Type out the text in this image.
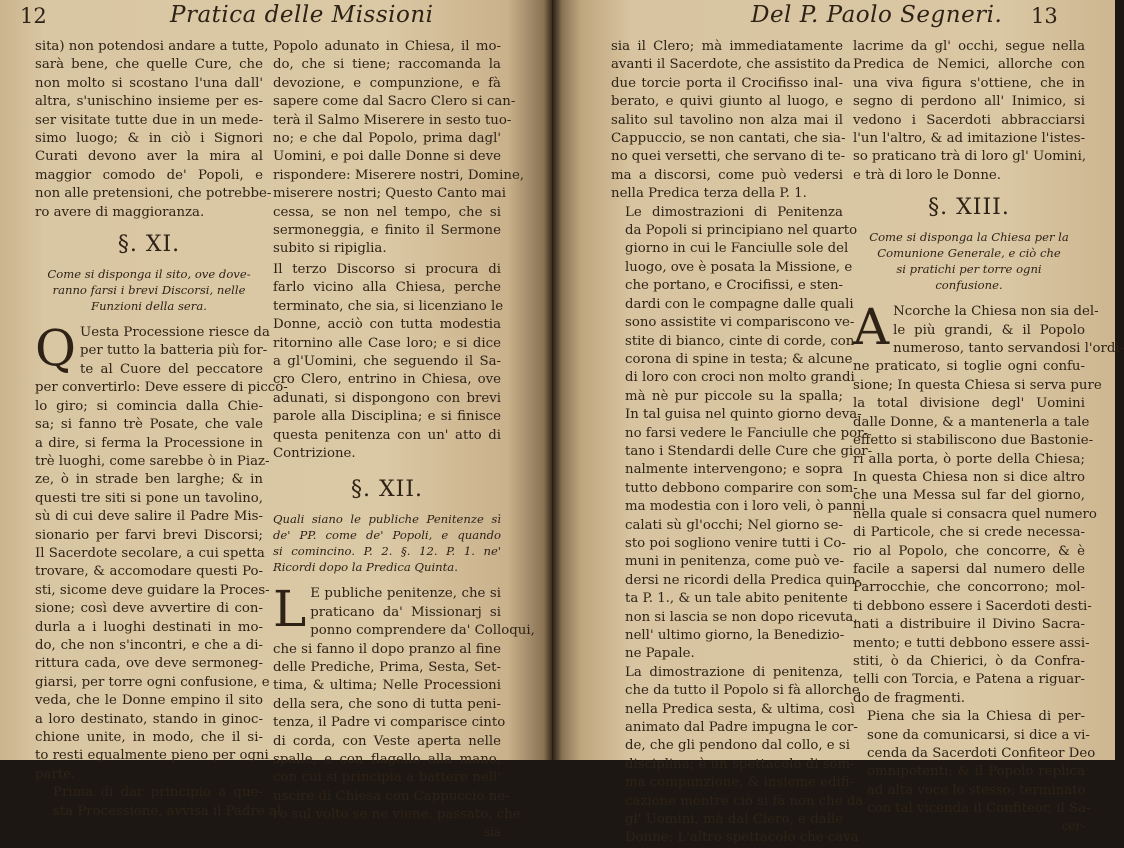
12	Pratica delle Missioni

sita) non potendosi andare a tutte,
sarà bene, che quelle Cure, che
non molto si scostano l'una dall'
altra, s'unischino insieme per es-
ser visitate tutte due in un mede-
simo luogo; & in ciò i Signori
Curati devono aver la mira al
maggior comodo de' Popoli, e
non alle pretensioni, che potrebbe-
ro avere di maggioranza.

§. XI.
Come si disponga il sito, ove dove-
ranno farsi i brevi Discorsi, nelle
Funzioni della sera.

Q Uesta Processione riesce da
per tutto la batteria più for-
te al Cuore del peccatore
per convertirlo: Deve essere di picco-
lo giro; si comincia dalla Chie-
sa; si fanno trè Posate, che vale
a dire, si ferma la Processione in
trè luoghi, come sarebbe ò in Piaz-
ze, ò in strade ben larghe; & in
questi tre siti si pone un tavolino,
sù di cui deve salire il Padre Mis-
sionario per farvi brevi Discorsi;
Il Sacerdote secolare, a cui spetta
trovare, & accomodare questi Po-
sti, sicome deve guidare la Proces-
sione; così deve avvertire di con-
durla a i luoghi destinati in mo-
do, che non s'incontri, e che a di-
rittura cada, ove deve sermoneg-
giarsi, per torre ogni confusione, e
veda, che le Donne empino il sito
a loro destinato, stando in ginoc-
chione unite, in modo, che il si-
to resti egualmente pieno per ogni
parte.

Prima di dar principio a que-
sta Processione, avvisa il Padre al

Popolo adunato in Chiesa, il mo-
do, che si tiene; raccomanda la
devozione, e compunzione, e fà
sapere come dal Sacro Clero si can-
terà il Salmo Miserere in sesto tuo-
no; e che dal Popolo, prima dagl'
Uomini, e poi dalle Donne si deve
rispondere: Miserere nostri, Domine,
miserere nostri; Questo Canto mai
cessa, se non nel tempo, che si
sermoneggia, e finito il Sermone
subito si ripiglia.

Il terzo Discorso si procura di
farlo vicino alla Chiesa, perche
terminato, che sia, si licenziano le
Donne, acciò con tutta modestia
ritornino alle Case loro; e si dice
a gl'Uomini, che seguendo il Sa-
cro Clero, entrino in Chiesa, ove
adunati, si dispongono con brevi
parole alla Disciplina; e si finisce
questa penitenza con un' atto di
Contrizione.

§. XII.
Quali siano le publiche Penitenze sì
de' PP. come de' Popoli, e quando
si comincino. P. 2. §. 12. P. 1. ne'
Ricordi dopo la Predica Quinta.

L E publiche penitenze, che si
praticano da' Missionarj si
ponno comprendere da' Colloqui,
che si fanno il dopo pranzo al fine
delle Prediche, Prima, Sesta, Set-
tima, & ultima; Nelle Processioni
della sera, che sono di tutta peni-
tenza, il Padre vi comparisce cinto
di corda, con Veste aperta nelle
spalle, e con flagello alla mano,
con cui si principia a battere nell'
uscire di Chiesa con Cappuccio ne-
ro sul volto se ne viene, passato, che

sia
Del P. Paolo Segneri. 13

sia il Clero; mà immediatamente
avanti il Sacerdote, che assistito da
due torcie porta il Crocifisso inal-
berato, e quivi giunto al luogo, e
salito sul tavolino non alza mai il
Cappuccio, se non cantati, che sia-
no quei versetti, che servano di te-
ma a discorsi, come può vedersi
nella Predica terza della P. 1.

Le dimostrazioni di Penitenza
da Popoli si principiano nel quarto
giorno in cui le Fanciulle sole del
luogo, ove è posata la Missione, e
che portano, e Crocifissi, e sten-
dardi con le compagne dalle quali
sono assistite vi compariscono ve-
stite di bianco, cinte di corde, con
corona di spine in testa; & alcune
di loro con croci non molto grandi
mà nè pur piccole su la spalla;
In tal guisa nel quinto giorno deva-
no farsi vedere le Fanciulle che por-
tano i Stendardi delle Cure che gior-
nalmente intervengono; e sopra
tutto debbono comparire con som-
ma modestia con i loro veli, ò panni
calati sù gl'occhi; Nel giorno se-
sto poi sogliono venire tutti i Co-
muni in penitenza, come può ve-
dersi ne ricordi della Predica quin-
ta P. 1., & un tale abito penitente
non si lascia se non dopo ricevuta,
nell' ultimo giorno, la Benedizio-
ne Papale.

La dimostrazione di penitenza,
che da tutto il Popolo si fà allorche
nella Predica sesta, & ultima, così
animato dal Padre impugna le cor-
de, che gli pendono dal collo, e si
disciplina; è un spettacolo di som-
ma compunzione, & insieme edifi-
cazione mentre ciò si fà non che da
gl' Uomini, mà dal Clero, e dalle
Donne; L'altro spettacolo che cava

lacrime da gl' occhi, segue nella
Predica de Nemici, allorche con
una viva figura s'ottiene, che in
segno di perdono all' Inimico, si
vedono i Sacerdoti abbracciarsi
l'un l'altro, & ad imitazione l'istes-
so praticano trà di loro gl' Uomini,
e trà di loro le Donne.

§. XIII.
Come si disponga la Chiesa per la
Comunione Generale, e ciò che
si pratichi per torre ogni
confusione.

A Ncorche la Chiesa non sia del-
le più grandi, & il Popolo
numeroso, tanto servandosi l'ordi-
ne praticato, si toglie ogni confu-
sione; In questa Chiesa si serva pure
la total divisione degl' Uomini
dalle Donne, & a mantenerla a tale
effetto si stabiliscono due Bastonie-
ri alla porta, ò porte della Chiesa;
In questa Chiesa non si dice altro
che una Messa sul far del giorno,
nella quale si consacra quel numero
di Particole, che si crede necessa-
rio al Popolo, che concorre, & è
facile a sapersi dal numero delle
Parrocchie, che concorrono; mol-
ti debbono essere i Sacerdoti desti-
nati a distribuire il Divino Sacra-
mento; e tutti debbono essere assi-
stiti, ò da Chierici, ò da Confra-
telli con Torcia, e Patena a riguar-
do de fragmenti.

Piena che sia la Chiesa di per-
sone da comunicarsi, si dice a vi-
cenda da Sacerdoti Confiteor Deo
omnipotenti; & il Popolo replica
ad alta voce lo stesso; terminato
con tal vicenda il Confiteor, il Sa-

cer-
